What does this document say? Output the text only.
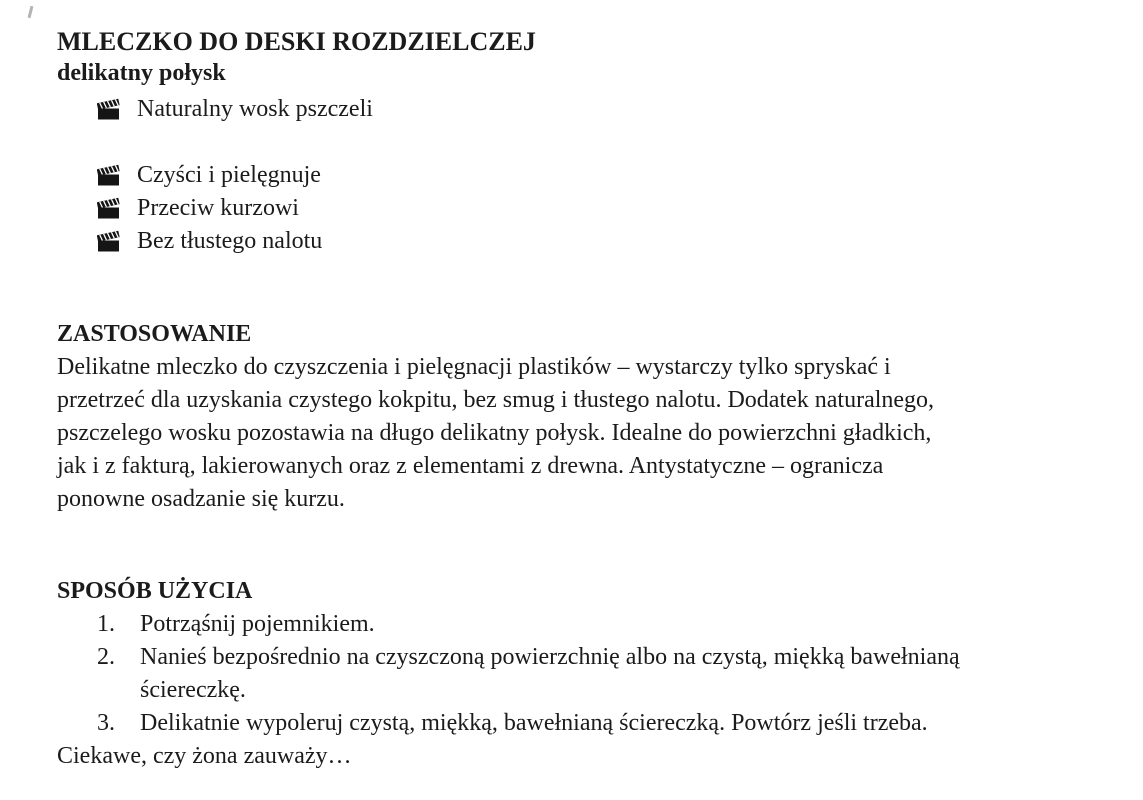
MLECZKO DO DESKI ROZDZIELCZEJ
delikatny połysk
Naturalny wosk pszczeli
Czyści i pielęgnuje
Przeciw kurzowi
Bez tłustego nalotu
ZASTOSOWANIE
Delikatne mleczko do czyszczenia i pielęgnacji plastików – wystarczy tylko spryskać i
przetrzeć dla uzyskania czystego kokpitu, bez smug i tłustego nalotu. Dodatek naturalnego,
pszczelego wosku pozostawia na długo delikatny połysk. Idealne do powierzchni gładkich,
jak i z fakturą, lakierowanych oraz z elementami z drewna. Antystatyczne – ogranicza
ponowne osadzanie się kurzu.
SPOSÓB UŻYCIA
1. Potrząśnij pojemnikiem.
2. Nanieś bezpośrednio na czyszczoną powierzchnię albo na czystą, miękką bawełnianą
ściereczkę.
3. Delikatnie wypoleruj czystą, miękką, bawełnianą ściereczką. Powtórz jeśli trzeba.

Ciekawe, czy żona zauważy…
